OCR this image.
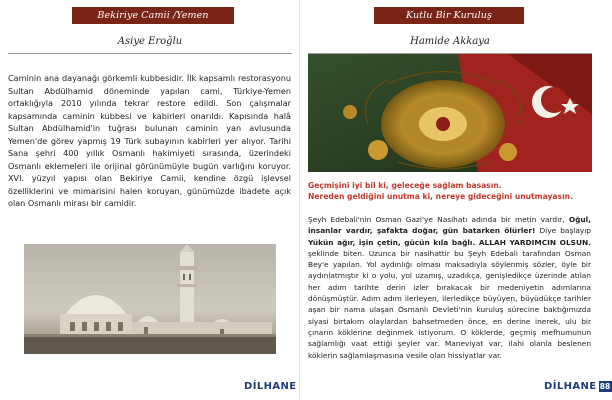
Bekiriye Camii /Yemen
Asiye Eroğlu

Caminin ana dayanağı görkemli kubbesidir. İlk kapsamlı restorasyonu Sultan Abdülhamid döneminde yapılan cami, Türkiye-Yemen ortaklığıyla 2010 yılında tekrar restore edildi. Son çalışmalar kapsamında caminin kubbesi ve kabirleri onarıldı. Kapısında halâ Sultan Abdülhamid'in tuğrası bulunan caminin yan avlusunda Yemen'de görev yapmış 19 Türk subayının kabirleri yer alıyor. Tarihi Sana şehri 400 yıllık Osmanlı hakimiyeti sırasında, üzerindeki Osmanlı eklemeleri ile orijinal görünümüyle bugün varlığını koruyor. XVI. yüzyıl yapısı olan Bekiriye Camii, kendine özgü işlevsel özelliklerini ve mimarisini halen koruyan, günümüzde ibadete açık olan Osmanlı mirası bir camidir.

DİLHANE
Kutlu Bir Kuruluş
Hamide Akkaya
Geçmişini iyi bil ki, geleceğe sağlam basasın.
Nereden geldiğini unutma ki, nereye gideceğini unutmayasın.

Şeyh Edebali'nin Osman Gazi'ye Nasihatı adında bir metin vardır, Oğul, insanlar vardır, şafakta doğar, gün batarken ölürler! Diye başlayıp Yükün ağır, işin çetin, gücün kıla bağlı. ALLAH YARDIMCIN OLSUN. şeklinde biten. Uzunca bir nasihattir bu Şeyh Edebali tarafından Osman Bey'e yapılan. Yol aydınlığı olması maksadıyla söylenmiş sözler, öyle bir aydınlatmıştır ki o yolu, yol uzamış, uzadıkça, genişledikçe üzerinde atılan her adım tarihte derin izler bırakacak bir medeniyetin adımlarına dönüşmüştür. Adım adım ilerleyen, ilerledikçe büyüyen, büyüdükçe tarihler aşan bir nama ulaşan Osmanlı Devleti'nin kuruluş sürecine baktığımızda siyasi birtakım olaylardan bahsetmeden önce, en derine inerek, ulu bir çınarın köklerine değinmek istiyorum. O köklerde, geçmiş mefhumunun sağlamlığı vaat ettiği şeyler var. Maneviyat var, ilahi olanla beslenen köklerin sağlamlaşmasına vesile olan hissiyatlar var.

DİLHANE 88
